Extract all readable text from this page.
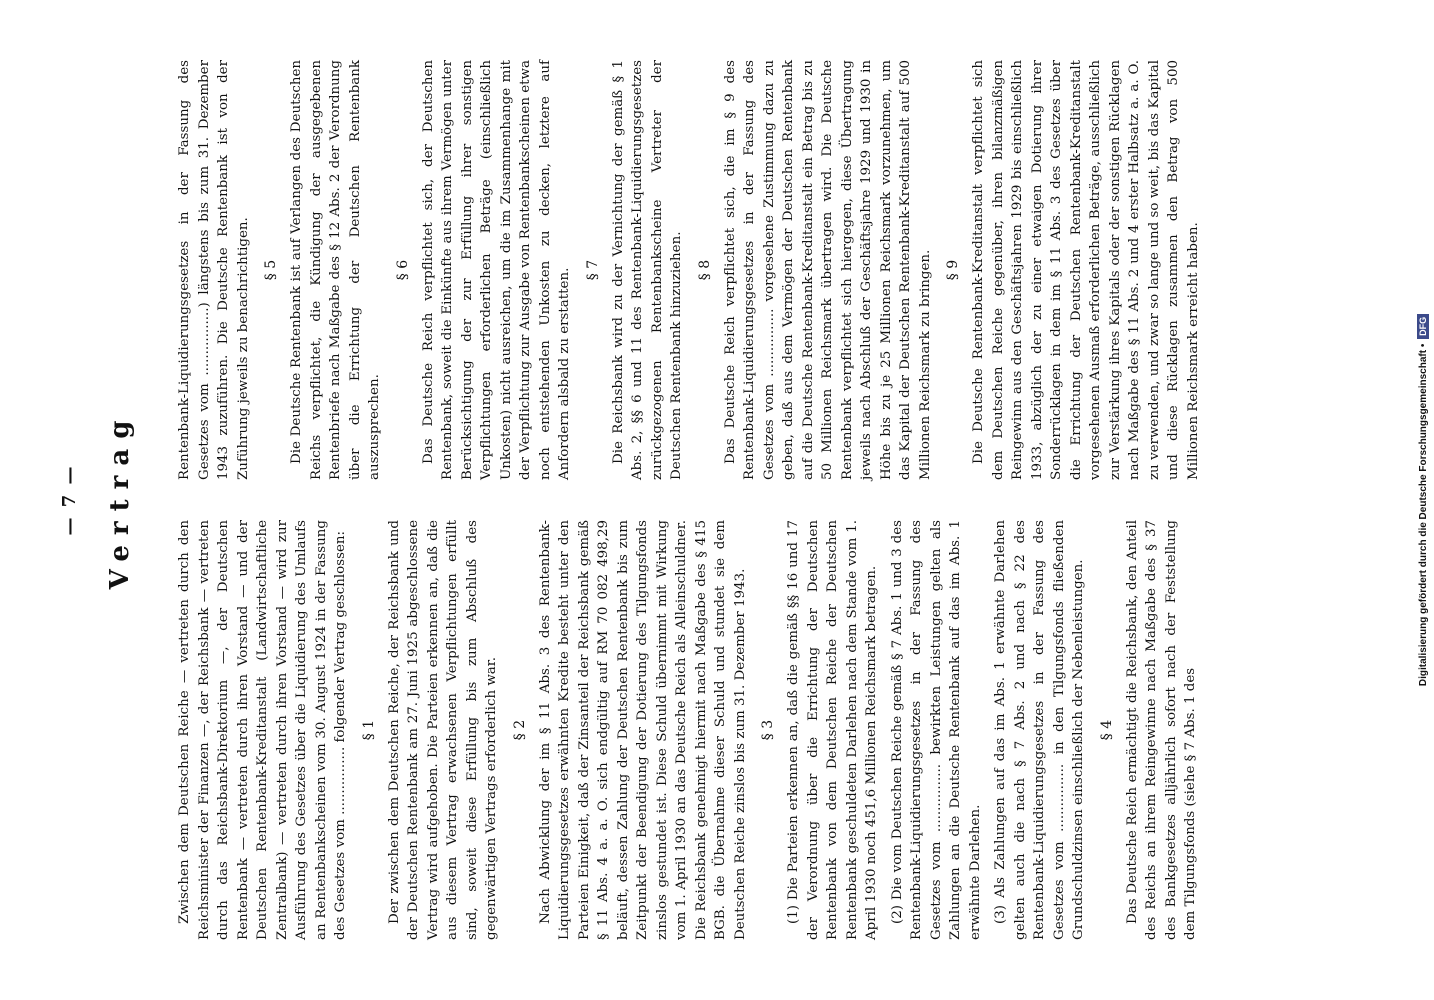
— 7 — Vertrag

Zwischen dem Deutschen Reiche — vertreten durch den Reichsminister der Finanzen —, der Reichsbank — vertreten durch das Reichsbank-Direktorium —, der Deutschen Rentenbank — vertreten durch ihren Vorstand — und der Deutschen Rentenbank-Kreditanstalt (Landwirtschaftliche Zentralbank) — vertreten durch ihren Vorstand — wird zur Ausführung des Gesetzes über die Liquidierung des Umlaufs an Rentenbankscheinen vom 30. August 1924 in der Fassung des Gesetzes vom ................ folgender Vertrag geschlossen: § 1 Der zwischen dem Deutschen Reiche, der Reichsbank und der Deutschen Rentenbank am 27. Juni 1925 abgeschlossene Vertrag wird aufgehoben. Die Parteien erkennen an, daß die aus diesem Vertrag erwachsenen Verpflichtungen erfüllt sind, soweit diese Erfüllung bis zum Abschluß des gegenwärtigen Vertrags erforderlich war. § 2 Nach Abwicklung der im § 11 Abs. 3 des Rentenbank-Liquidierungsgesetzes erwähnten Kredite besteht unter den Parteien Einigkeit, daß der Zinsanteil der Reichsbank gemäß § 11 Abs. 4 a. a. O. sich endgültig auf RM 70 082 498,29 beläuft, dessen Zahlung der Deutschen Rentenbank bis zum Zeitpunkt der Beendigung der Dotierung des Tilgungsfonds zinslos gestundet ist. Diese Schuld übernimmt mit Wirkung vom 1. April 1930 an das Deutsche Reich als Alleinschuldner. Die Reichsbank genehmigt hiermit nach Maßgabe des § 415 BGB. die Übernahme dieser Schuld und stundet sie dem Deutschen Reiche zinslos bis zum 31. Dezember 1943. § 3 (1) Die Parteien erkennen an, daß die gemäß §§ 16 und 17 der Verordnung über die Errichtung der Deutschen Rentenbank von dem Deutschen Reiche der Deutschen Rentenbank geschuldeten Darlehen nach dem Stande vom 1. April 1930 noch 451,6 Millionen Reichsmark betragen. (2) Die vom Deutschen Reiche gemäß § 7 Abs. 1 und 3 des Rentenbank-Liquidierungsgesetzes in der Fassung des Gesetzes vom ................ bewirkten Leistungen gelten als Zahlungen an die Deutsche Rentenbank auf das im Abs. 1 erwähnte Darlehen. (3) Als Zahlungen auf das im Abs. 1 erwähnte Darlehen gelten auch die nach § 7 Abs. 2 und nach § 22 des Rentenbank-Liquidierungsgesetzes in der Fassung des Gesetzes vom ................ in den Tilgungsfonds fließenden Grundschuldzinsen einschließlich der Nebenleistungen. § 4 Das Deutsche Reich ermächtigt die Reichsbank, den Anteil des Reichs an ihrem Reingewinne nach Maßgabe des § 37 des Bankgesetzes alljährlich sofort nach der Feststellung dem Tilgungsfonds (siehe § 7 Abs. 1 des

Rentenbank-Liquidierungsgesetzes in der Fassung des Gesetzes vom ................) längstens bis zum 31. Dezember 1943 zuzuführen. Die Deutsche Rentenbank ist von der Zuführung jeweils zu benachrichtigen. § 5 Die Deutsche Rentenbank ist auf Verlangen des Deutschen Reichs verpflichtet, die Kündigung der ausgegebenen Rentenbriefe nach Maßgabe des § 12 Abs. 2 der Verordnung über die Errichtung der Deutschen Rentenbank auszusprechen.

§ 6 Das Deutsche Reich verpflichtet sich, der Deutschen Rentenbank, soweit die Einkünfte aus ihrem Vermögen unter Berücksichtigung der zur Erfüllung ihrer sonstigen Verpflichtungen erforderlichen Beträge (einschließlich Unkosten) nicht ausreichen, um die im Zusammenhange mit der Verpflichtung zur Ausgabe von Rentenbankscheinen etwa noch entstehenden Unkosten zu decken, letztere auf Anfordern alsbald zu erstatten. § 7 Die Reichsbank wird zu der Vernichtung der gemäß § 1 Abs. 2, §§ 6 und 11 des Rentenbank-Liquidierungsgesetzes zurückgezogenen Rentenbankscheine Vertreter der Deutschen Rentenbank hinzuziehen. § 8 Das Deutsche Reich verpflichtet sich, die im § 9 des Rentenbank-Liquidierungsgesetzes in der Fassung des Gesetzes vom ................ vorgesehene Zustimmung dazu zu geben, daß aus dem Vermögen der Deutschen Rentenbank auf die Deutsche Rentenbank-Kreditanstalt ein Betrag bis zu 50 Millionen Reichsmark übertragen wird. Die Deutsche Rentenbank verpflichtet sich hiergegen, diese Übertragung jeweils nach Abschluß der Geschäftsjahre 1929 und 1930 in Höhe bis zu je 25 Millionen Reichsmark vorzunehmen, um das Kapital der Deutschen Rentenbank-Kreditanstalt auf 500 Millionen Reichsmark zu bringen. § 9 Die Deutsche Rentenbank-Kreditanstalt verpflichtet sich dem Deutschen Reiche gegenüber, ihren bilanzmäßigen Reingewinn aus den Geschäftsjahren 1929 bis einschließlich 1933, abzüglich der zu einer etwaigen Dotierung ihrer Sonderrücklagen in dem im § 11 Abs. 3 des Gesetzes über die Errichtung der Deutschen Rentenbank-Kreditanstalt vorgesehenen Ausmaß erforderlichen Beträge, ausschließlich zur Verstärkung ihres Kapitals oder der sonstigen Rücklagen nach Maßgabe des § 11 Abs. 2 und 4 erster Halbsatz a. a. O. zu verwenden, und zwar so lange und so weit, bis das Kapital und diese Rücklagen zusammen den Betrag von 500 Millionen Reichsmark erreicht haben.	Digitalisierung gefördert durch die Deutsche Forschungsgemeinschaft • DFG
